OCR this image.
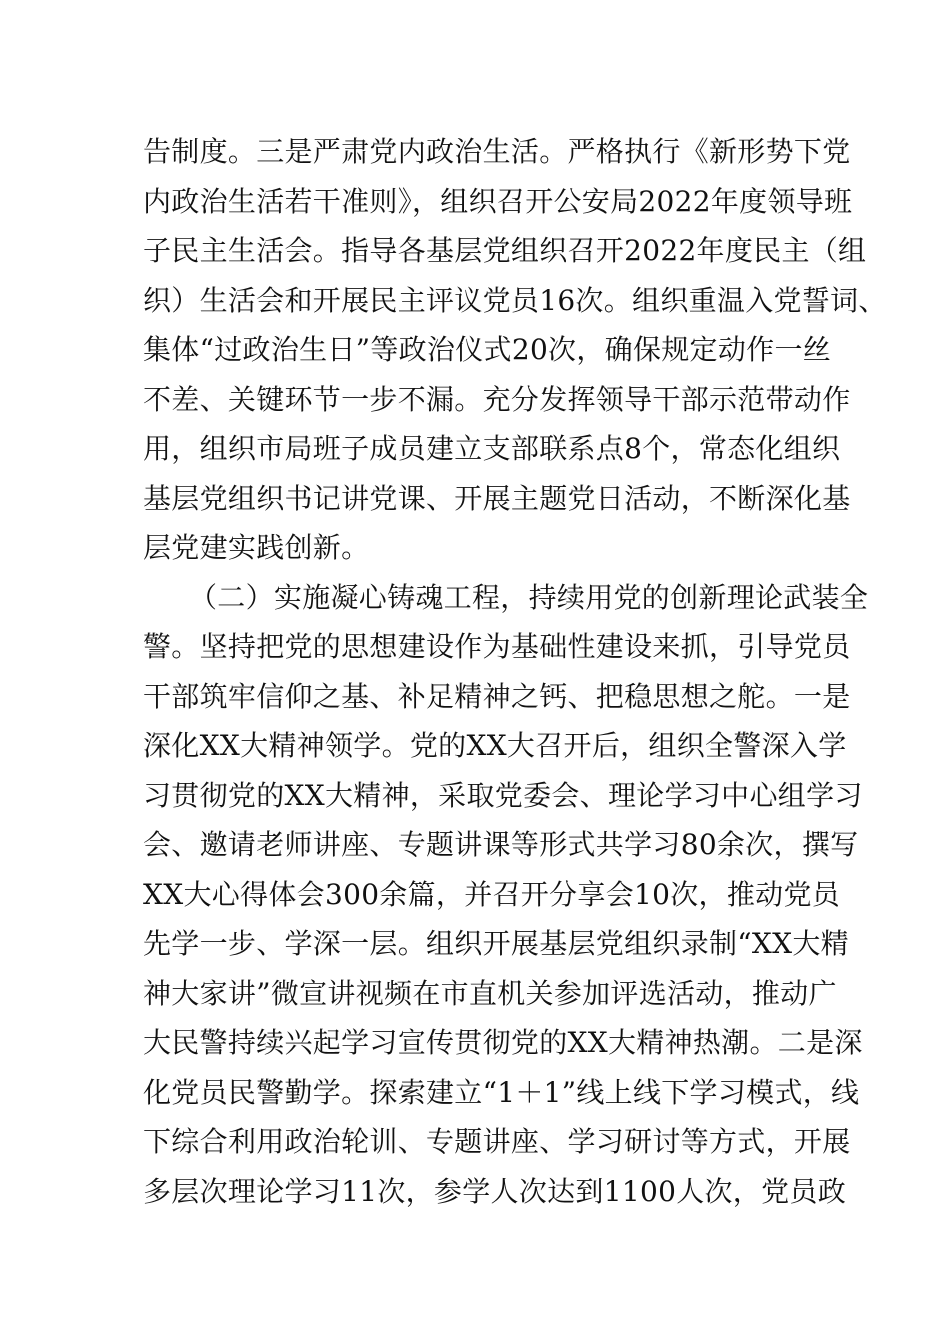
告制度。三是严肃党内政治生活。严格执行《新形势下党
内政治生活若干准则》，组织召开公安局2022年度领导班
子民主生活会。指导各基层党组织召开2022年度民主（组
织）生活会和开展民主评议党员16次。组织重温入党誓词、
集体“过政治生日”等政治仪式20次，确保规定动作一丝
不差、关键环节一步不漏。充分发挥领导干部示范带动作
用，组织市局班子成员建立支部联系点8个，常态化组织
基层党组织书记讲党课、开展主题党日活动，不断深化基
层党建实践创新。
（二）实施凝心铸魂工程，持续用党的创新理论武装全
警。坚持把党的思想建设作为基础性建设来抓，引导党员
干部筑牢信仰之基、补足精神之钙、把稳思想之舵。一是
深化XX大精神领学。党的XX大召开后，组织全警深入学
习贯彻党的XX大精神，采取党委会、理论学习中心组学习
会、邀请老师讲座、专题讲课等形式共学习80余次，撰写
XX大心得体会300余篇，并召开分享会10次，推动党员
先学一步、学深一层。组织开展基层党组织录制“XX大精
神大家讲”微宣讲视频在市直机关参加评选活动，推动广
大民警持续兴起学习宣传贯彻党的XX大精神热潮。二是深
化党员民警勤学。探索建立“1＋1”线上线下学习模式，线
下综合利用政治轮训、专题讲座、学习研讨等方式，开展
多层次理论学习11次，参学人次达到1100人次，党员政
